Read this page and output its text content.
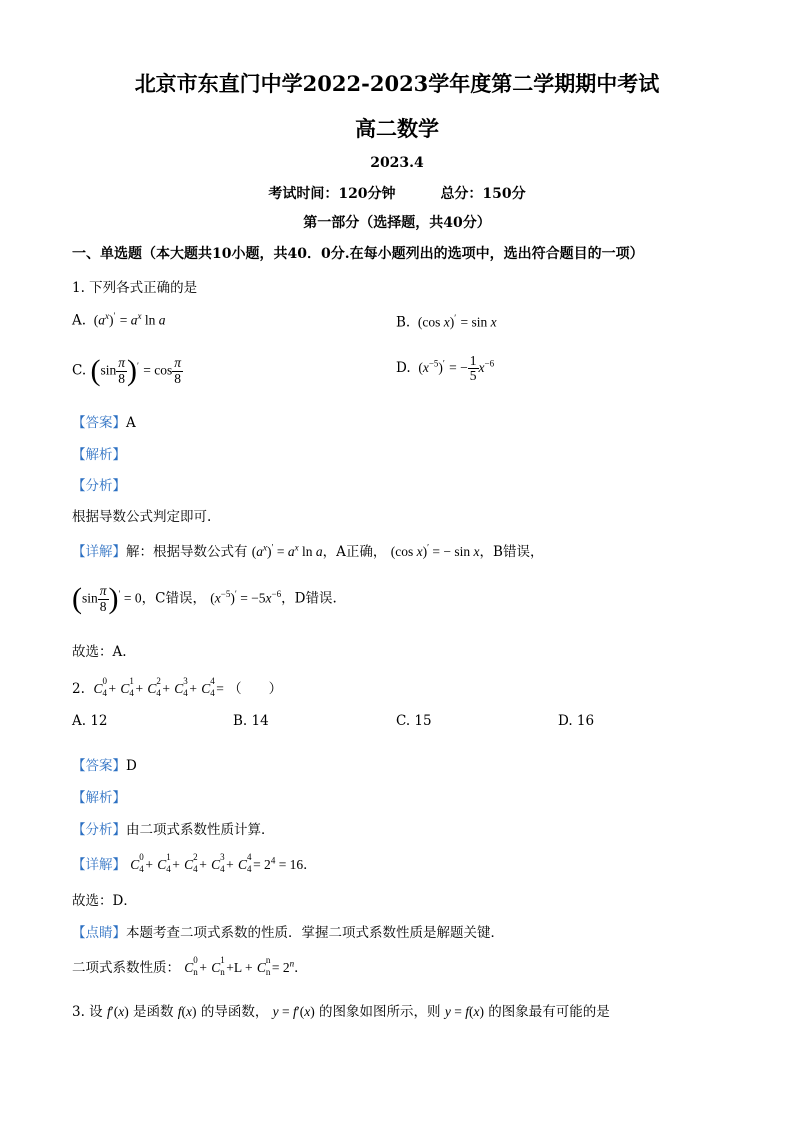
北京市东直门中学2022-2023学年度第二学期期中考试
高二数学
2023.4
考试时间：120分钟	总分：150分
第一部分（选择题，共40分）
一、单选题（本大题共10小题，共40．0分.在每小题列出的选项中，选出符合题目的一项）
1. 下列各式正确的是
A.  $(a^x)' = a^x$ ln a	B.  (cos x)′ = sin x
C. $(\sin \frac{\pi}{8} )' = \cos \frac{\pi}{8}$	D.  $(x^{-5})'$ = − $\frac{1}{5} x^{-6}$
【答案】A
【解析】
【分析】
根据导数公式判定即可.
【详解】解：根据导数公式有 $(a^x)' = a^x$ ln a，A正确， (cos x)′ = − sin x，B错误，
$(\sin \frac{\pi}{8} )' = 0$，C错误， $(x^{-5})' = -5x^{-6}$，D错误.
故选：A.
2. C 0
4 + C 1
4 + C 2
4 + C 3
4 + C 4
4 = （　　）
A. 12	B. 14	C. 15	D. 16
【答案】D
【解析】
【分析】由二项式系数性质计算．
【详解】 C 0
4 + C 1
4 + C 2
4 + C 3
4 + C 4
$4 = 2^4 = 16$．
故选：D．
【点睛】本题考查二项式系数的性质．掌握二项式系数性质是解题关键．
二项式系数性质： C 0
n + C 1
n +L + C n
$n = 2^n$．
3. 设 f′(x) 是函数 f(x) 的导函数， y = f′(x) 的图象如图所示，则 y = f(x) 的图象最有可能的是
